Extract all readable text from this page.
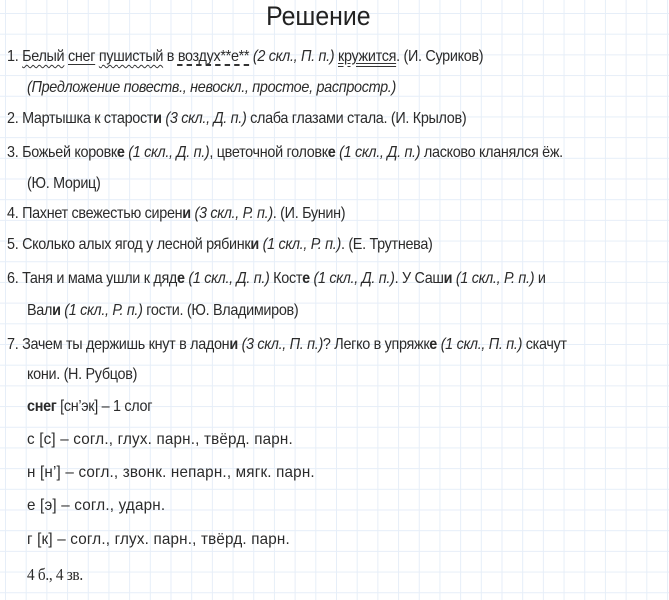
Решение
1. Белый снег пушистый в воздух**е** (2 скл., П. п.) кружится. (И. Суриков)
(Предложение повеств., невоскл., простое, распростр.)
2. Мартышка к старости (3 скл., Д. п.) слаба глазами стала. (И. Крылов)
3. Божьей коровке (1 скл., Д. п.), цветочной головке (1 скл., Д. п.) ласково кланялся ёж.
(Ю. Мориц)
4. Пахнет свежестью сирени (3 скл., Р. п.). (И. Бунин)
5. Сколько алых ягод у лесной рябинки (1 скл., Р. п.). (Е. Трутнева)
6. Таня и мама ушли к дяде (1 скл., Д. п.) Косте (1 скл., Д. п.). У Саши (1 скл., Р. п.) и
Вали (1 скл., Р. п.) гости. (Ю. Владимиров)
7. Зачем ты держишь кнут в ладони (3 скл., П. п.)? Легко в упряжке (1 скл., П. п.) скачут
кони. (Н. Рубцов)
снег [сн’эк] – 1 слог
с [с] – согл., глух. парн., твёрд. парн.
н [н’] – согл., звонк. непарн., мягк. парн.
е [э] – согл., ударн.
г [к] – согл., глух. парн., твёрд. парн.
4 б., 4 зв.
